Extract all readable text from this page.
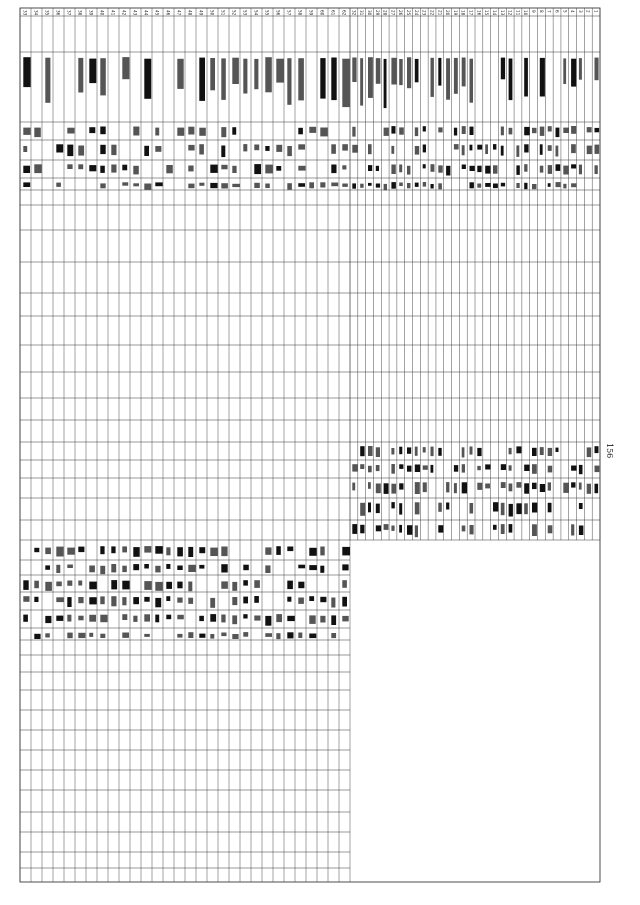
62
61
60
59
58
57
56
55
54
53
52
51
50
49
48
47
46
45
44
43
42
41
40
39
38
37
36
35
34
33	32 31 30 29 28 27 26 25 24 23 22 21 20 19 18 17 16 15 14 13 12 11 10 9 8 7 6 5 4 3 2 1
156
